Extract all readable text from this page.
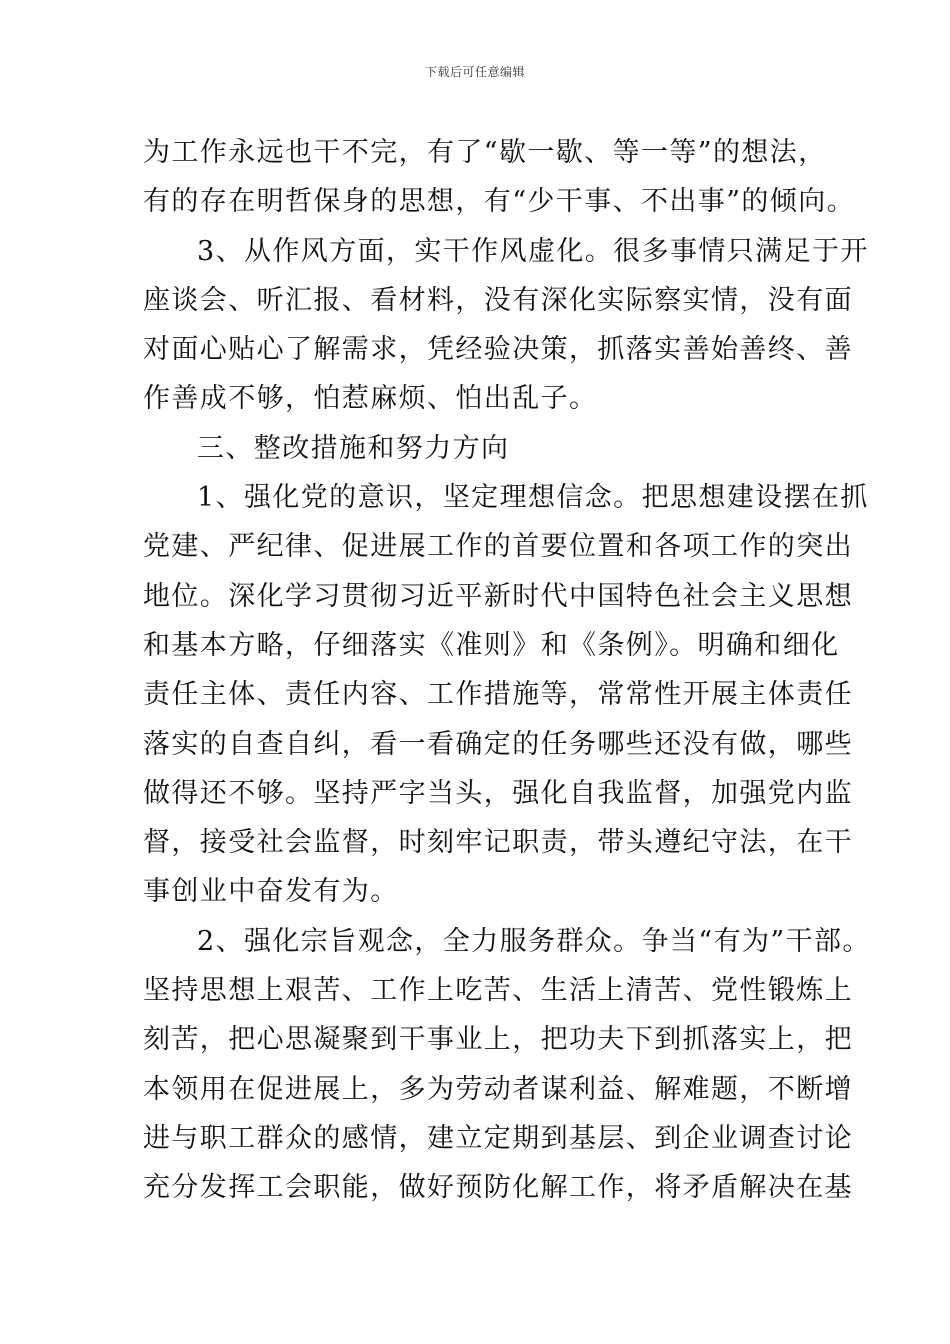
下载后可任意编辑
为工作永远也干不完，有了“歇一歇、等一等”的想法，
有的存在明哲保身的思想，有“少干事、不出事”的倾向。
3、从作风方面，实干作风虚化。很多事情只满足于开
座谈会、听汇报、看材料，没有深化实际察实情，没有面
对面心贴心了解需求，凭经验决策，抓落实善始善终、善
作善成不够，怕惹麻烦、怕出乱子。
三、整改措施和努力方向
1、强化党的意识，坚定理想信念。把思想建设摆在抓
党建、严纪律、促进展工作的首要位置和各项工作的突出
地位。深化学习贯彻习近平新时代中国特色社会主义思想
和基本方略，仔细落实《准则》和《条例》。明确和细化
责任主体、责任内容、工作措施等，常常性开展主体责任
落实的自查自纠，看一看确定的任务哪些还没有做，哪些
做得还不够。坚持严字当头，强化自我监督，加强党内监
督，接受社会监督，时刻牢记职责，带头遵纪守法，在干
事创业中奋发有为。
2、强化宗旨观念，全力服务群众。争当“有为”干部。
坚持思想上艰苦、工作上吃苦、生活上清苦、党性锻炼上
刻苦，把心思凝聚到干事业上，把功夫下到抓落实上，把
本领用在促进展上，多为劳动者谋利益、解难题，不断增
进与职工群众的感情，建立定期到基层、到企业调查讨论
充分发挥工会职能，做好预防化解工作，将矛盾解决在基
